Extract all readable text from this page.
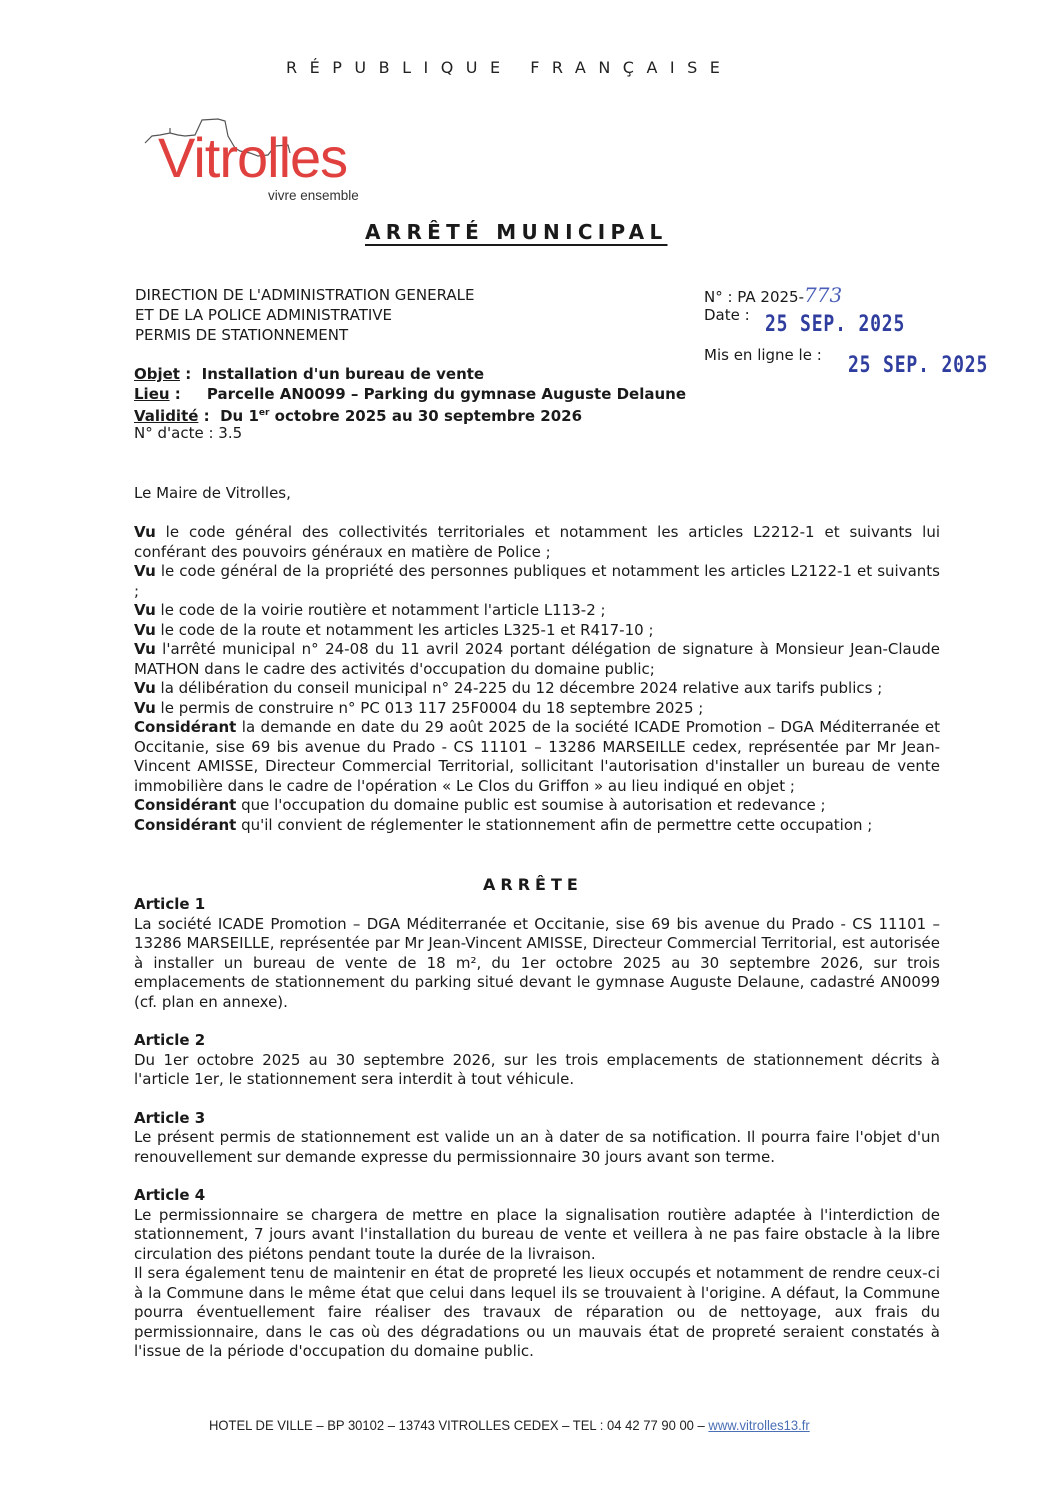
RÉPUBLIQUE FRANÇAISE
Vitrolles
vivre ensemble
ARRÊTÉ MUNICIPAL
DIRECTION DE L'ADMINISTRATION GENERALE
ET DE LA POLICE ADMINISTRATIVE
PERMIS DE STATIONNEMENT
N° : PA 2025-773
Date : 25 SEP. 2025
Mis en ligne le : 25 SEP. 2025
Objet :  Installation d'un bureau de vente
Lieu :     Parcelle AN0099 – Parking du gymnase Auguste Delaune
Validité :  Du 1er octobre 2025 au 30 septembre 2026
N° d'acte : 3.5

Le Maire de Vitrolles,

Vu le code général des collectivités territoriales et notamment les articles L2212-1 et suivants lui conférant des pouvoirs généraux en matière de Police ;

Vu le code général de la propriété des personnes publiques et notamment les articles L2122-1 et suivants ;

Vu le code de la voirie routière et notamment l'article L113-2 ;

Vu le code de la route et notamment les articles L325-1 et R417-10 ;

Vu l'arrêté municipal n° 24-08 du 11 avril 2024 portant délégation de signature à Monsieur Jean-Claude MATHON dans le cadre des activités d'occupation du domaine public;

Vu la délibération du conseil municipal n° 24-225 du 12 décembre 2024 relative aux tarifs publics ;

Vu le permis de construire n° PC 013 117 25F0004 du 18 septembre 2025 ;

Considérant la demande en date du 29 août 2025 de la société ICADE Promotion – DGA Méditerranée et Occitanie, sise 69 bis avenue du Prado - CS 11101 – 13286 MARSEILLE cedex, représentée par Mr Jean-Vincent AMISSE, Directeur Commercial Territorial, sollicitant l'autorisation d'installer un bureau de vente immobilière dans le cadre de l'opération « Le Clos du Griffon » au lieu indiqué en objet ;

Considérant que l'occupation du domaine public est soumise à autorisation et redevance ;

Considérant qu'il convient de réglementer le stationnement afin de permettre cette occupation ;

ARRÊTE

Article 1

La société ICADE Promotion – DGA Méditerranée et Occitanie, sise 69 bis avenue du Prado - CS 11101 – 13286 MARSEILLE, représentée par Mr Jean-Vincent AMISSE, Directeur Commercial Territorial, est autorisée à installer un bureau de vente de 18 m², du 1er octobre 2025 au 30 septembre 2026, sur trois emplacements de stationnement du parking situé devant le gymnase Auguste Delaune, cadastré AN0099 (cf. plan en annexe).

Article 2

Du 1er octobre 2025 au 30 septembre 2026, sur les trois emplacements de stationnement décrits à l'article 1er, le stationnement sera interdit à tout véhicule.

Article 3

Le présent permis de stationnement est valide un an à dater de sa notification. Il pourra faire l'objet d'un renouvellement sur demande expresse du permissionnaire 30 jours avant son terme.

Article 4

Le permissionnaire se chargera de mettre en place la signalisation routière adaptée à l'interdiction de stationnement, 7 jours avant l'installation du bureau de vente et veillera à ne pas faire obstacle à la libre circulation des piétons pendant toute la durée de la livraison.

Il sera également tenu de maintenir en état de propreté les lieux occupés et notamment de rendre ceux-ci à la Commune dans le même état que celui dans lequel ils se trouvaient à l'origine. A défaut, la Commune pourra éventuellement faire réaliser des travaux de réparation ou de nettoyage, aux frais du permissionnaire, dans le cas où des dégradations ou un mauvais état de propreté seraient constatés à l'issue de la période d'occupation du domaine public.

HOTEL DE VILLE – BP 30102 – 13743 VITROLLES CEDEX – TEL : 04 42 77 90 00 – www.vitrolles13.fr
